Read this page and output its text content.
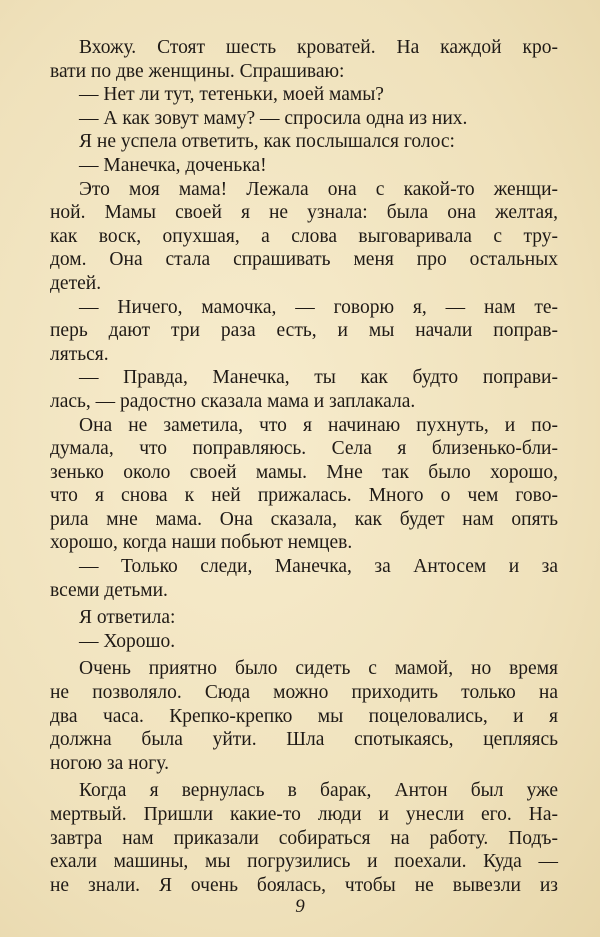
Вхожу. Стоят шесть кроватей. На каждой кро-
вати по две женщины. Спрашиваю:
— Нет ли тут, тетеньки, моей мамы?
— А как зовут маму? — спросила одна из них.
Я не успела ответить, как послышался голос:
— Манечка, доченька!
Это моя мама! Лежала она с какой-то женщи-
ной. Мамы своей я не узнала: была она желтая,
как воск, опухшая, а слова выговаривала с тру-
дом. Она стала спрашивать меня про остальных
детей.
— Ничего, мамочка, — говорю я, — нам те-
перь дают три раза есть, и мы начали поправ-
ляться.
— Правда, Манечка, ты как будто поправи-
лась, — радостно сказала мама и заплакала.
Она не заметила, что я начинаю пухнуть, и по-
думала, что поправляюсь. Села я близенько-бли-
зенько около своей мамы. Мне так было хорошо,
что я снова к ней прижалась. Много о чем гово-
рила мне мама. Она сказала, как будет нам опять
хорошо, когда наши побьют немцев.
— Только следи, Манечка, за Антосем и за
всеми детьми.
Я ответила:
— Хорошо.
Очень приятно было сидеть с мамой, но время
не позволяло. Сюда можно приходить только на
два часа. Крепко-крепко мы поцеловались, и я
должна была уйти. Шла спотыкаясь, цепляясь
ногою за ногу.
Когда я вернулась в барак, Антон был уже
мертвый. Пришли какие-то люди и унесли его. На-
завтра нам приказали собираться на работу. Подъ-
ехали машины, мы погрузились и поехали. Куда —
не знали. Я очень боялась, чтобы не вывезли из
9
